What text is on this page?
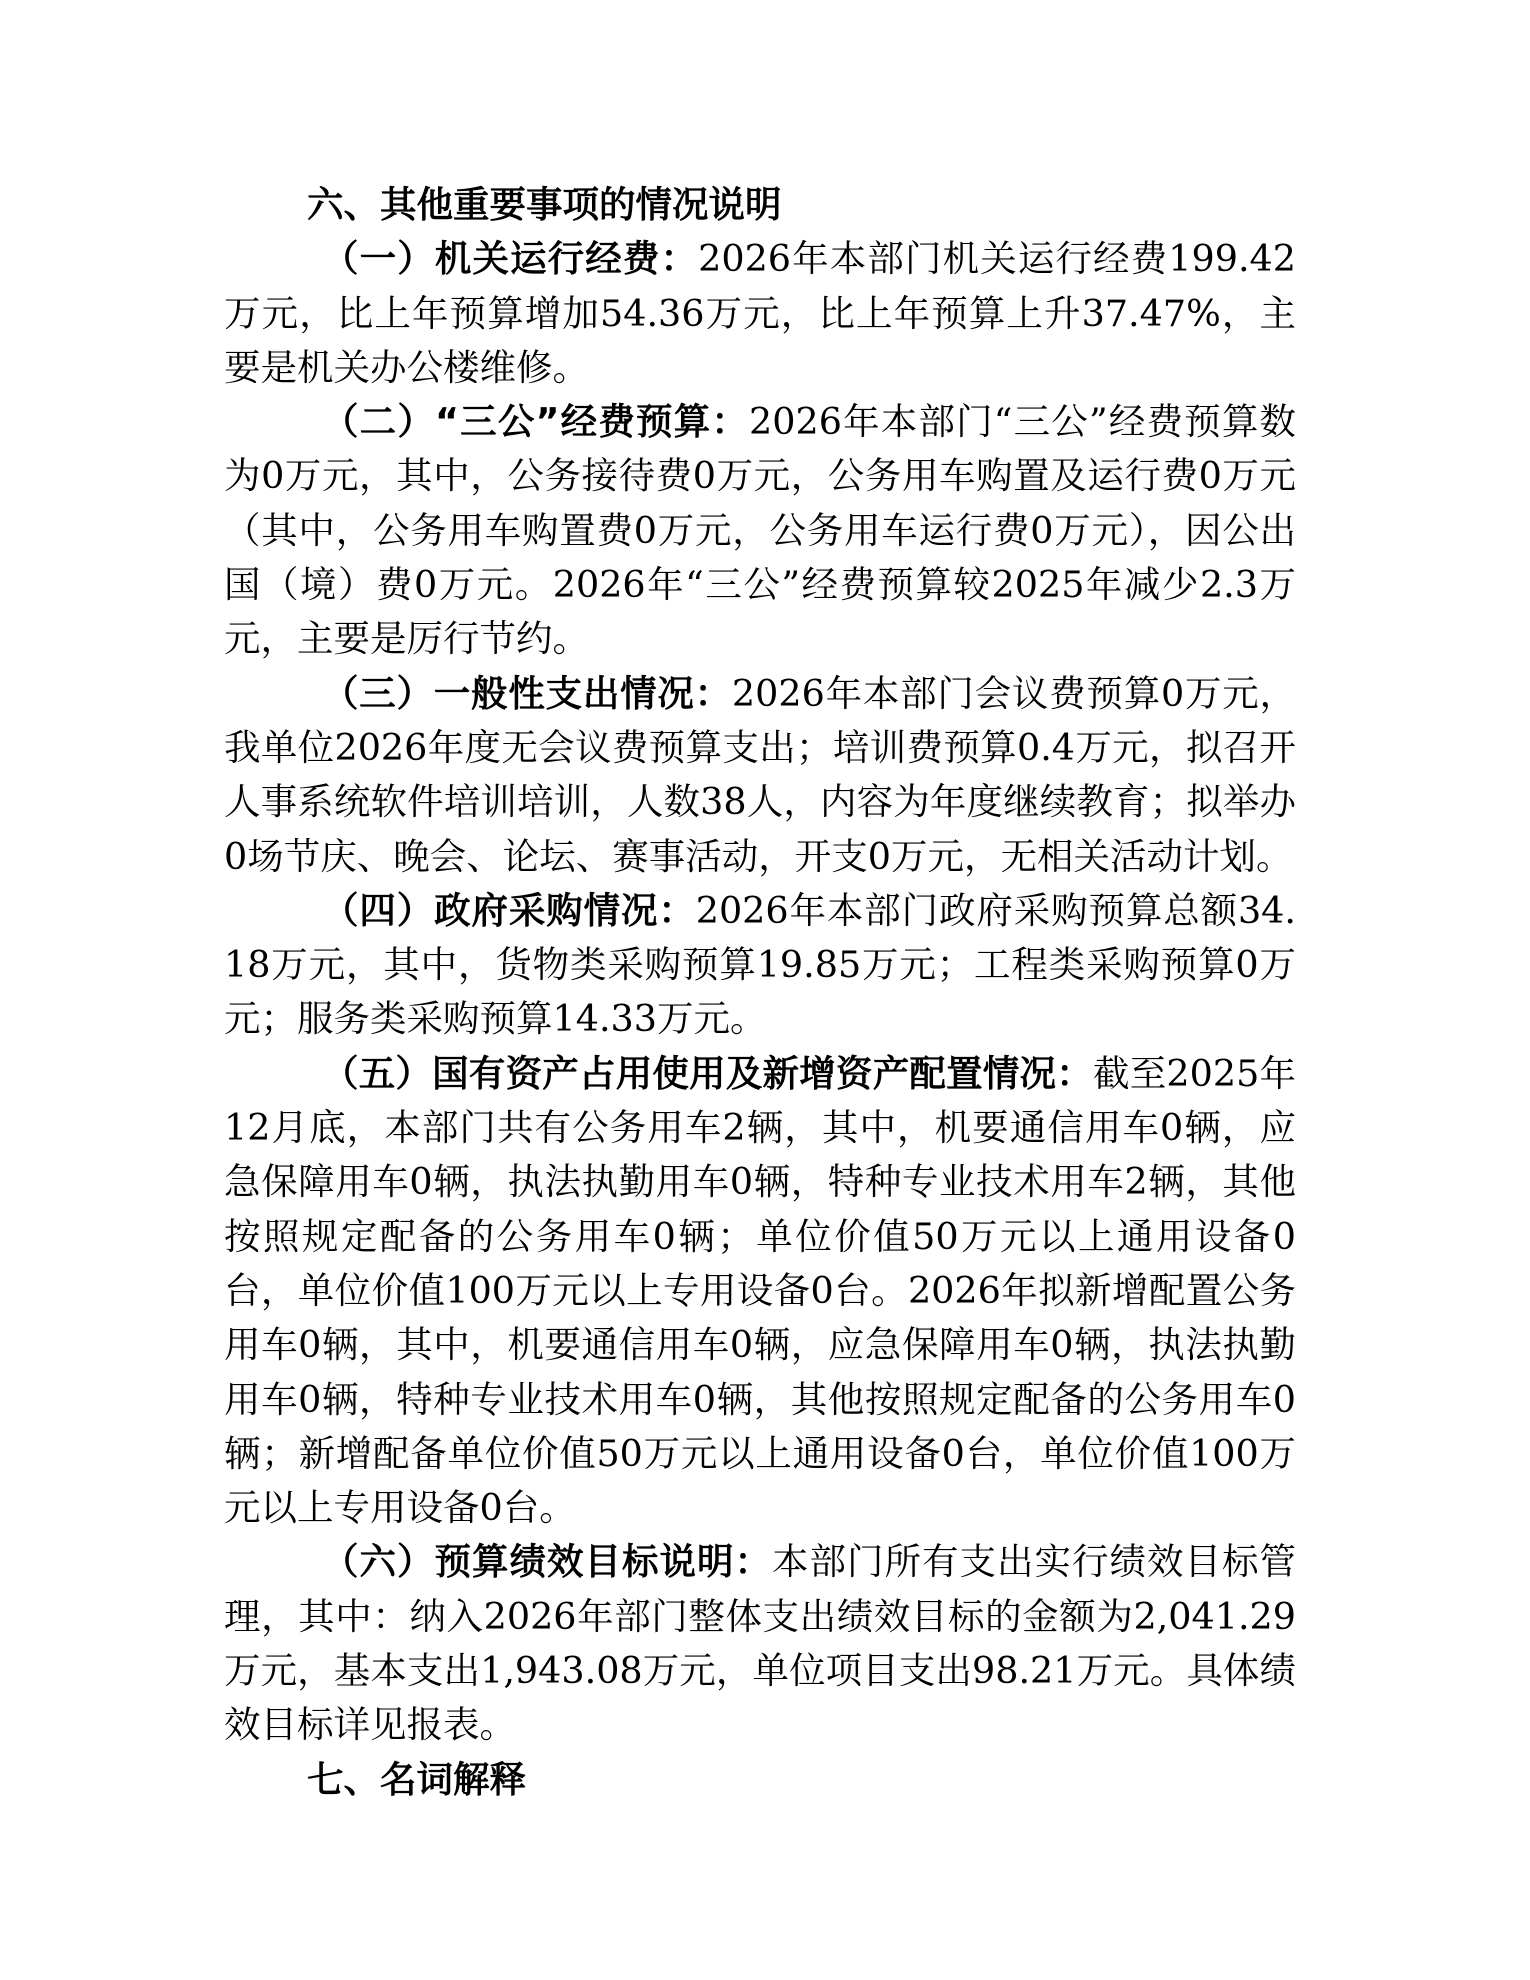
六、其他重要事项的情况说明

（一）机关运行经费：2026年本部门机关运行经费199.42万元，比上年预算增加54.36万元，比上年预算上升37.47%，主要是机关办公楼维修。

（二）“三公”经费预算：2026年本部门“三公”经费预算数为0万元，其中，公务接待费0万元，公务用车购置及运行费0万元（其中，公务用车购置费0万元，公务用车运行费0万元），因公出国（境）费0万元。2026年“三公”经费预算较2025年减少2.3万元，主要是厉行节约。

（三）一般性支出情况：2026年本部门会议费预算0万元，我单位2026年度无会议费预算支出；培训费预算0.4万元，拟召开人事系统软件培训培训，人数38人，内容为年度继续教育；拟举办0场节庆、晚会、论坛、赛事活动，开支0万元，无相关活动计划。

（四）政府采购情况：2026年本部门政府采购预算总额34.18万元，其中，货物类采购预算19.85万元；工程类采购预算0万元；服务类采购预算14.33万元。

（五）国有资产占用使用及新增资产配置情况：截至2025年12月底，本部门共有公务用车2辆，其中，机要通信用车0辆，应急保障用车0辆，执法执勤用车0辆，特种专业技术用车2辆，其他按照规定配备的公务用车0辆；单位价值50万元以上通用设备0台，单位价值100万元以上专用设备0台。2026年拟新增配置公务用车0辆，其中，机要通信用车0辆，应急保障用车0辆，执法执勤用车0辆，特种专业技术用车0辆，其他按照规定配备的公务用车0辆；新增配备单位价值50万元以上通用设备0台，单位价值100万元以上专用设备0台。

（六）预算绩效目标说明：本部门所有支出实行绩效目标管理，其中：纳入2026年部门整体支出绩效目标的金额为2,041.29万元，基本支出1,943.08万元，单位项目支出98.21万元。具体绩效目标详见报表。

七、名词解释
